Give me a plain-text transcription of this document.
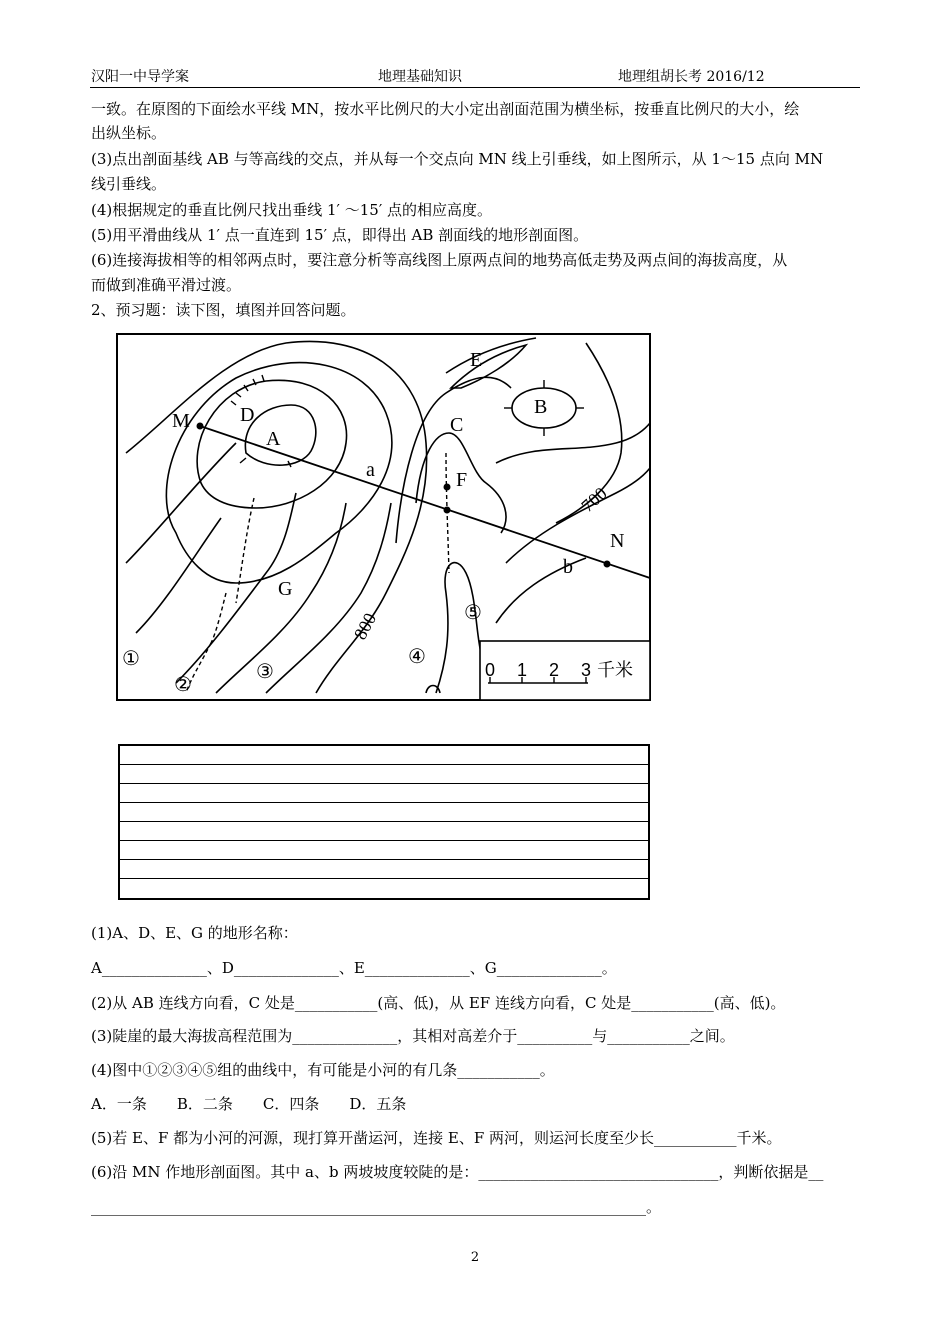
汉阳一中导学案	地理基础知识	地理组胡长考 2016/12
一致。在原图的下面绘水平线 MN，按水平比例尺的大小定出剖面范围为横坐标，按垂直比例尺的大小，绘
出纵坐标。
(3)点出剖面基线 AB 与等高线的交点，并从每一个交点向 MN 线上引垂线，如上图所示，从 1～15 点向 MN
线引垂线。
(4)根据规定的垂直比例尺找出垂线 1′ ～15′ 点的相应高度。
(5)用平滑曲线从 1′ 点一直连到 15′ 点，即得出 AB 剖面线的地形剖面图。
(6)连接海拔相等的相邻两点时，要注意分析等高线图上原两点间的地势高低走势及两点间的海拔高度，从
而做到准确平滑过渡。
2、预习题：读下图，填图并回答问题。
M
N
A
B
C
D
E
F
G
a
b
700
800
①
②
③
④
⑤
0 1 2 3 千米
(1)A、D、E、G 的地形名称：
A______________、D______________、E______________、G______________。
(2)从 AB 连线方向看，C 处是___________(高、低)，从 EF 连线方向看，C 处是___________(高、低)。
(3)陡崖的最大海拔高程范围为______________，其相对高差介于__________与___________之间。
(4)图中①②③④⑤组的曲线中，有可能是小河的有几条___________。
A．一条　　B．二条　　C．四条　　D．五条
(5)若 E、F 都为小河的河源，现打算开凿运河，连接 E、F 两河，则运河长度至少长___________千米。
(6)沿 MN 作地形剖面图。其中 a、b 两坡坡度较陡的是：________________________________，判断依据是__
__________________________________________________________________________。
2
